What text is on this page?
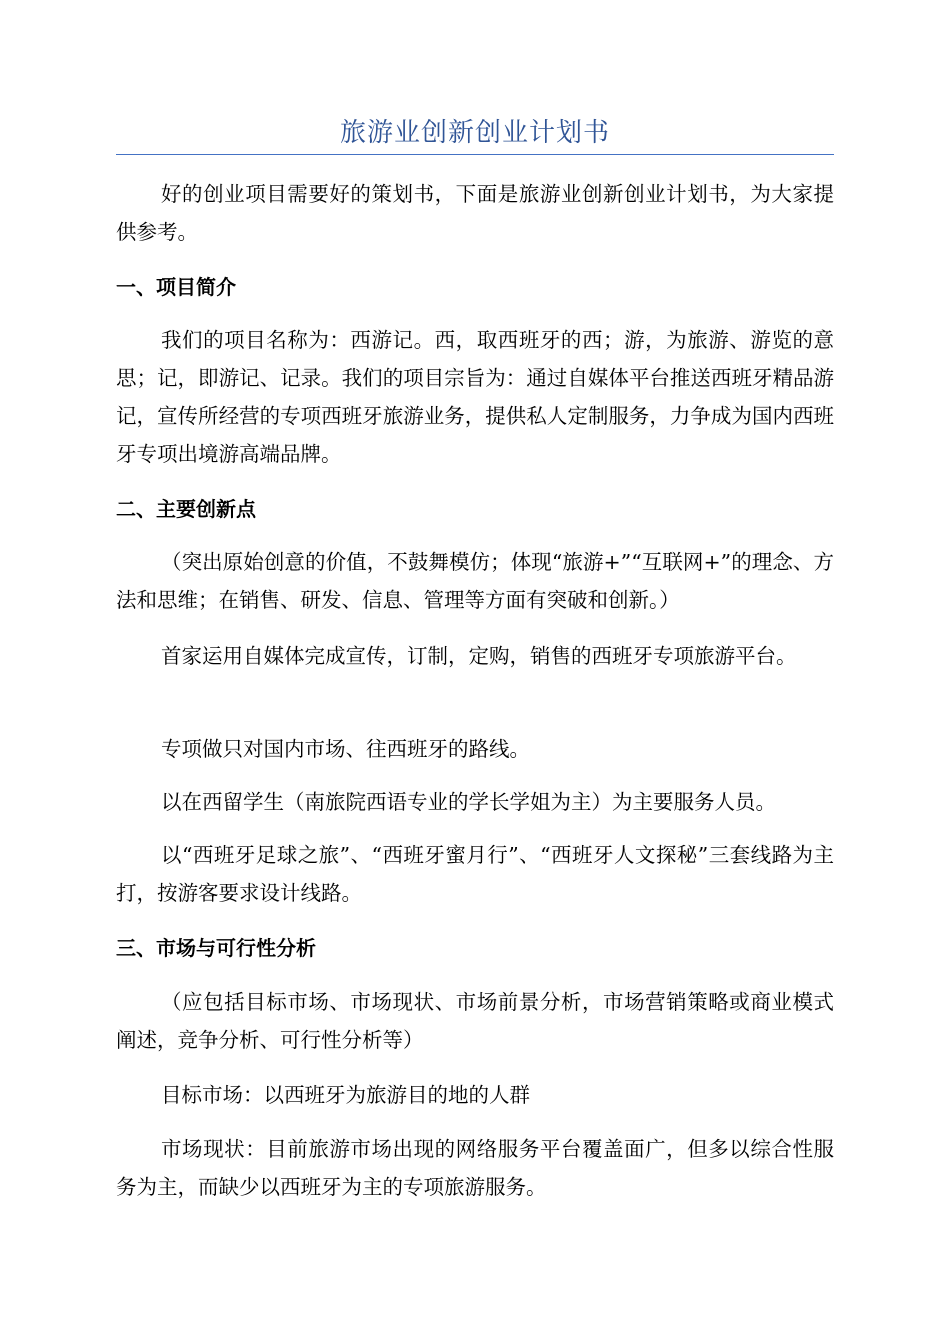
旅游业创新创业计划书

好的创业项目需要好的策划书，下面是旅游业创新创业计划书，为大家提供参考。

一、项目简介

我们的项目名称为：西游记。西，取西班牙的西；游，为旅游、游览的意思；记，即游记、记录。我们的项目宗旨为：通过自媒体平台推送西班牙精品游记，宣传所经营的专项西班牙旅游业务，提供私人定制服务，力争成为国内西班牙专项出境游高端品牌。

二、主要创新点

（突出原始创意的价值，不鼓舞模仿；体现“旅游+”“互联网+”的理念、方法和思维；在销售、研发、信息、管理等方面有突破和创新。）

首家运用自媒体完成宣传，订制，定购，销售的西班牙专项旅游平台。

专项做只对国内市场、往西班牙的路线。

以在西留学生（南旅院西语专业的学长学姐为主）为主要服务人员。

以“西班牙足球之旅”、“西班牙蜜月行”、“西班牙人文探秘”三套线路为主打，按游客要求设计线路。

三、市场与可行性分析

（应包括目标市场、市场现状、市场前景分析，市场营销策略或商业模式阐述，竞争分析、可行性分析等）

目标市场：以西班牙为旅游目的地的人群

市场现状：目前旅游市场出现的网络服务平台覆盖面广，但多以综合性服务为主，而缺少以西班牙为主的专项旅游服务。
